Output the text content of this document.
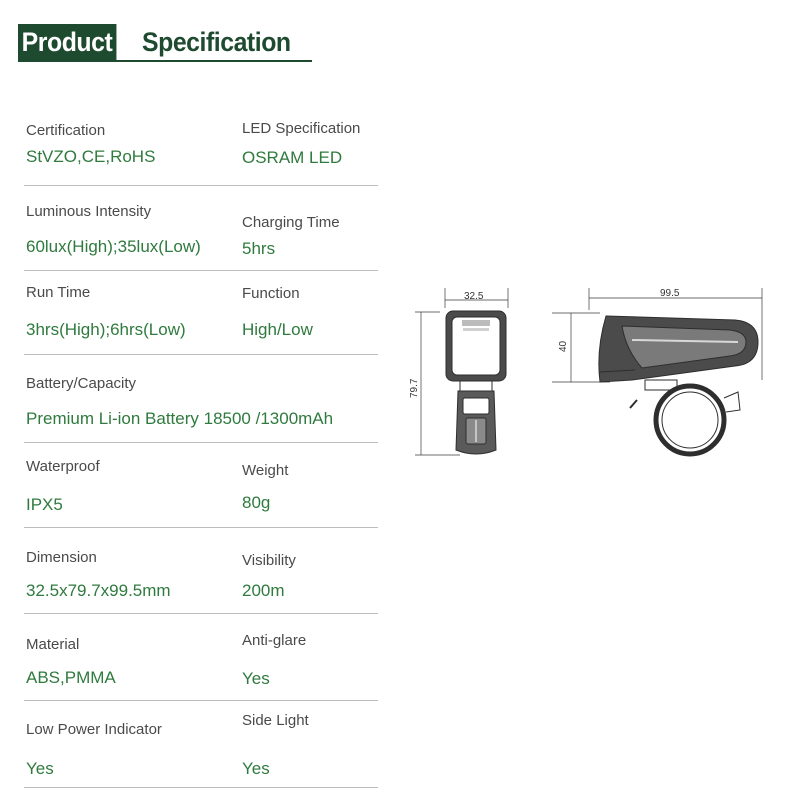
Product Specification
Certification
StVZO,CE,RoHS
LED Specification
OSRAM LED
Luminous Intensity
60lux(High);35lux(Low)
Charging Time
5hrs
Run Time
3hrs(High);6hrs(Low)
Function
High/Low
Battery/Capacity
Premium Li-ion Battery 18500 /1300mAh
Waterproof
IPX5
Weight
80g
Dimension
32.5x79.7x99.5mm
Visibility
200m
Material
ABS,PMMA
Anti-glare
Yes
Low Power Indicator
Yes
Side Light
Yes
32.5
79.7
99.5
40
